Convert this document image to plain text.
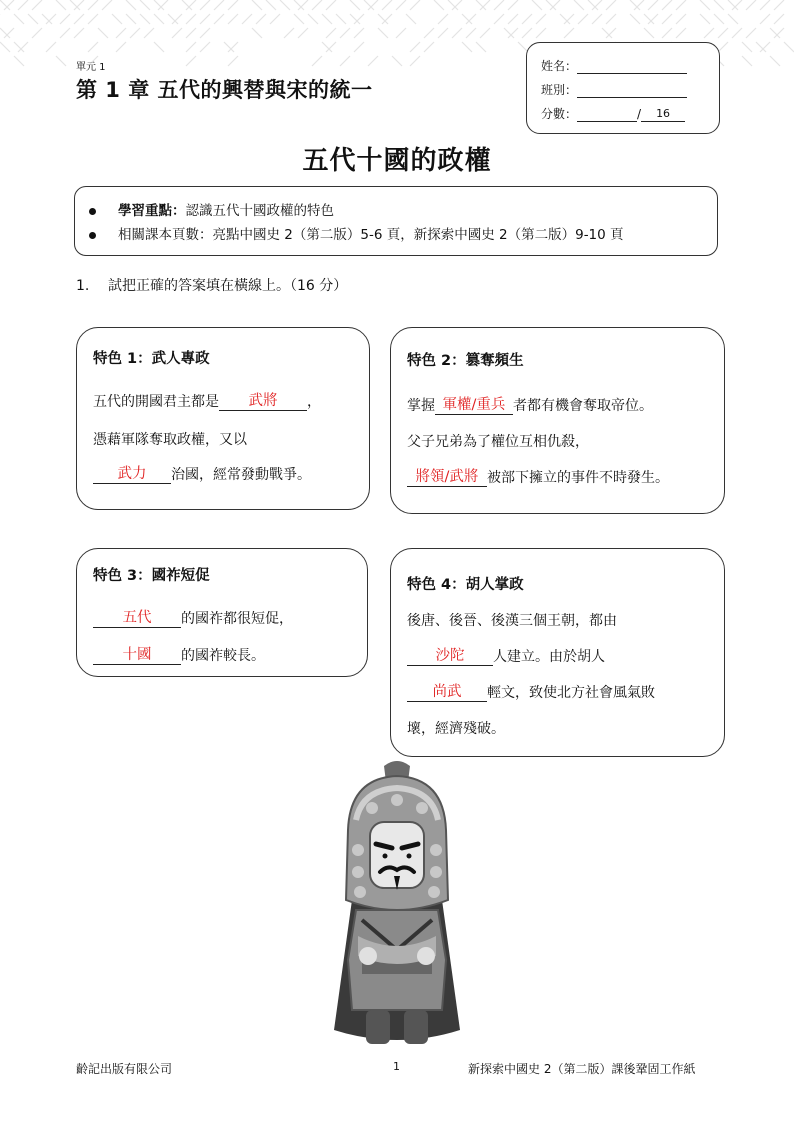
單元 1
第 1 章 五代的興替與宋的統一
姓名：
班別：
分數：	/ 16
五代十國的政權
學習重點：認識五代十國政權的特色
相關課本頁數：亮點中國史 2（第二版）5-6 頁，新探索中國史 2（第二版）9-10 頁
1. 試把正確的答案填在橫線上。（16 分）
特色 1：武人專政
五代的開國君主都是 武將 ，
憑藉軍隊奪取政權，又以
武力 治國，經常發動戰爭。
特色 2：篡奪頻生
掌握 軍權/重兵 者都有機會奪取帝位。
父子兄弟為了權位互相仇殺，
將領/武將 被部下擁立的事件不時發生。
特色 3：國祚短促
五代 的國祚都很短促，
十國 的國祚較長。
特色 4：胡人掌政
後唐、後晉、後漢三個王朝，都由
沙陀 人建立。由於胡人
尚武 輕文，致使北方社會風氣敗
壞，經濟殘破。
齡記出版有限公司	1	新探索中國史 2（第二版）課後鞏固工作紙
